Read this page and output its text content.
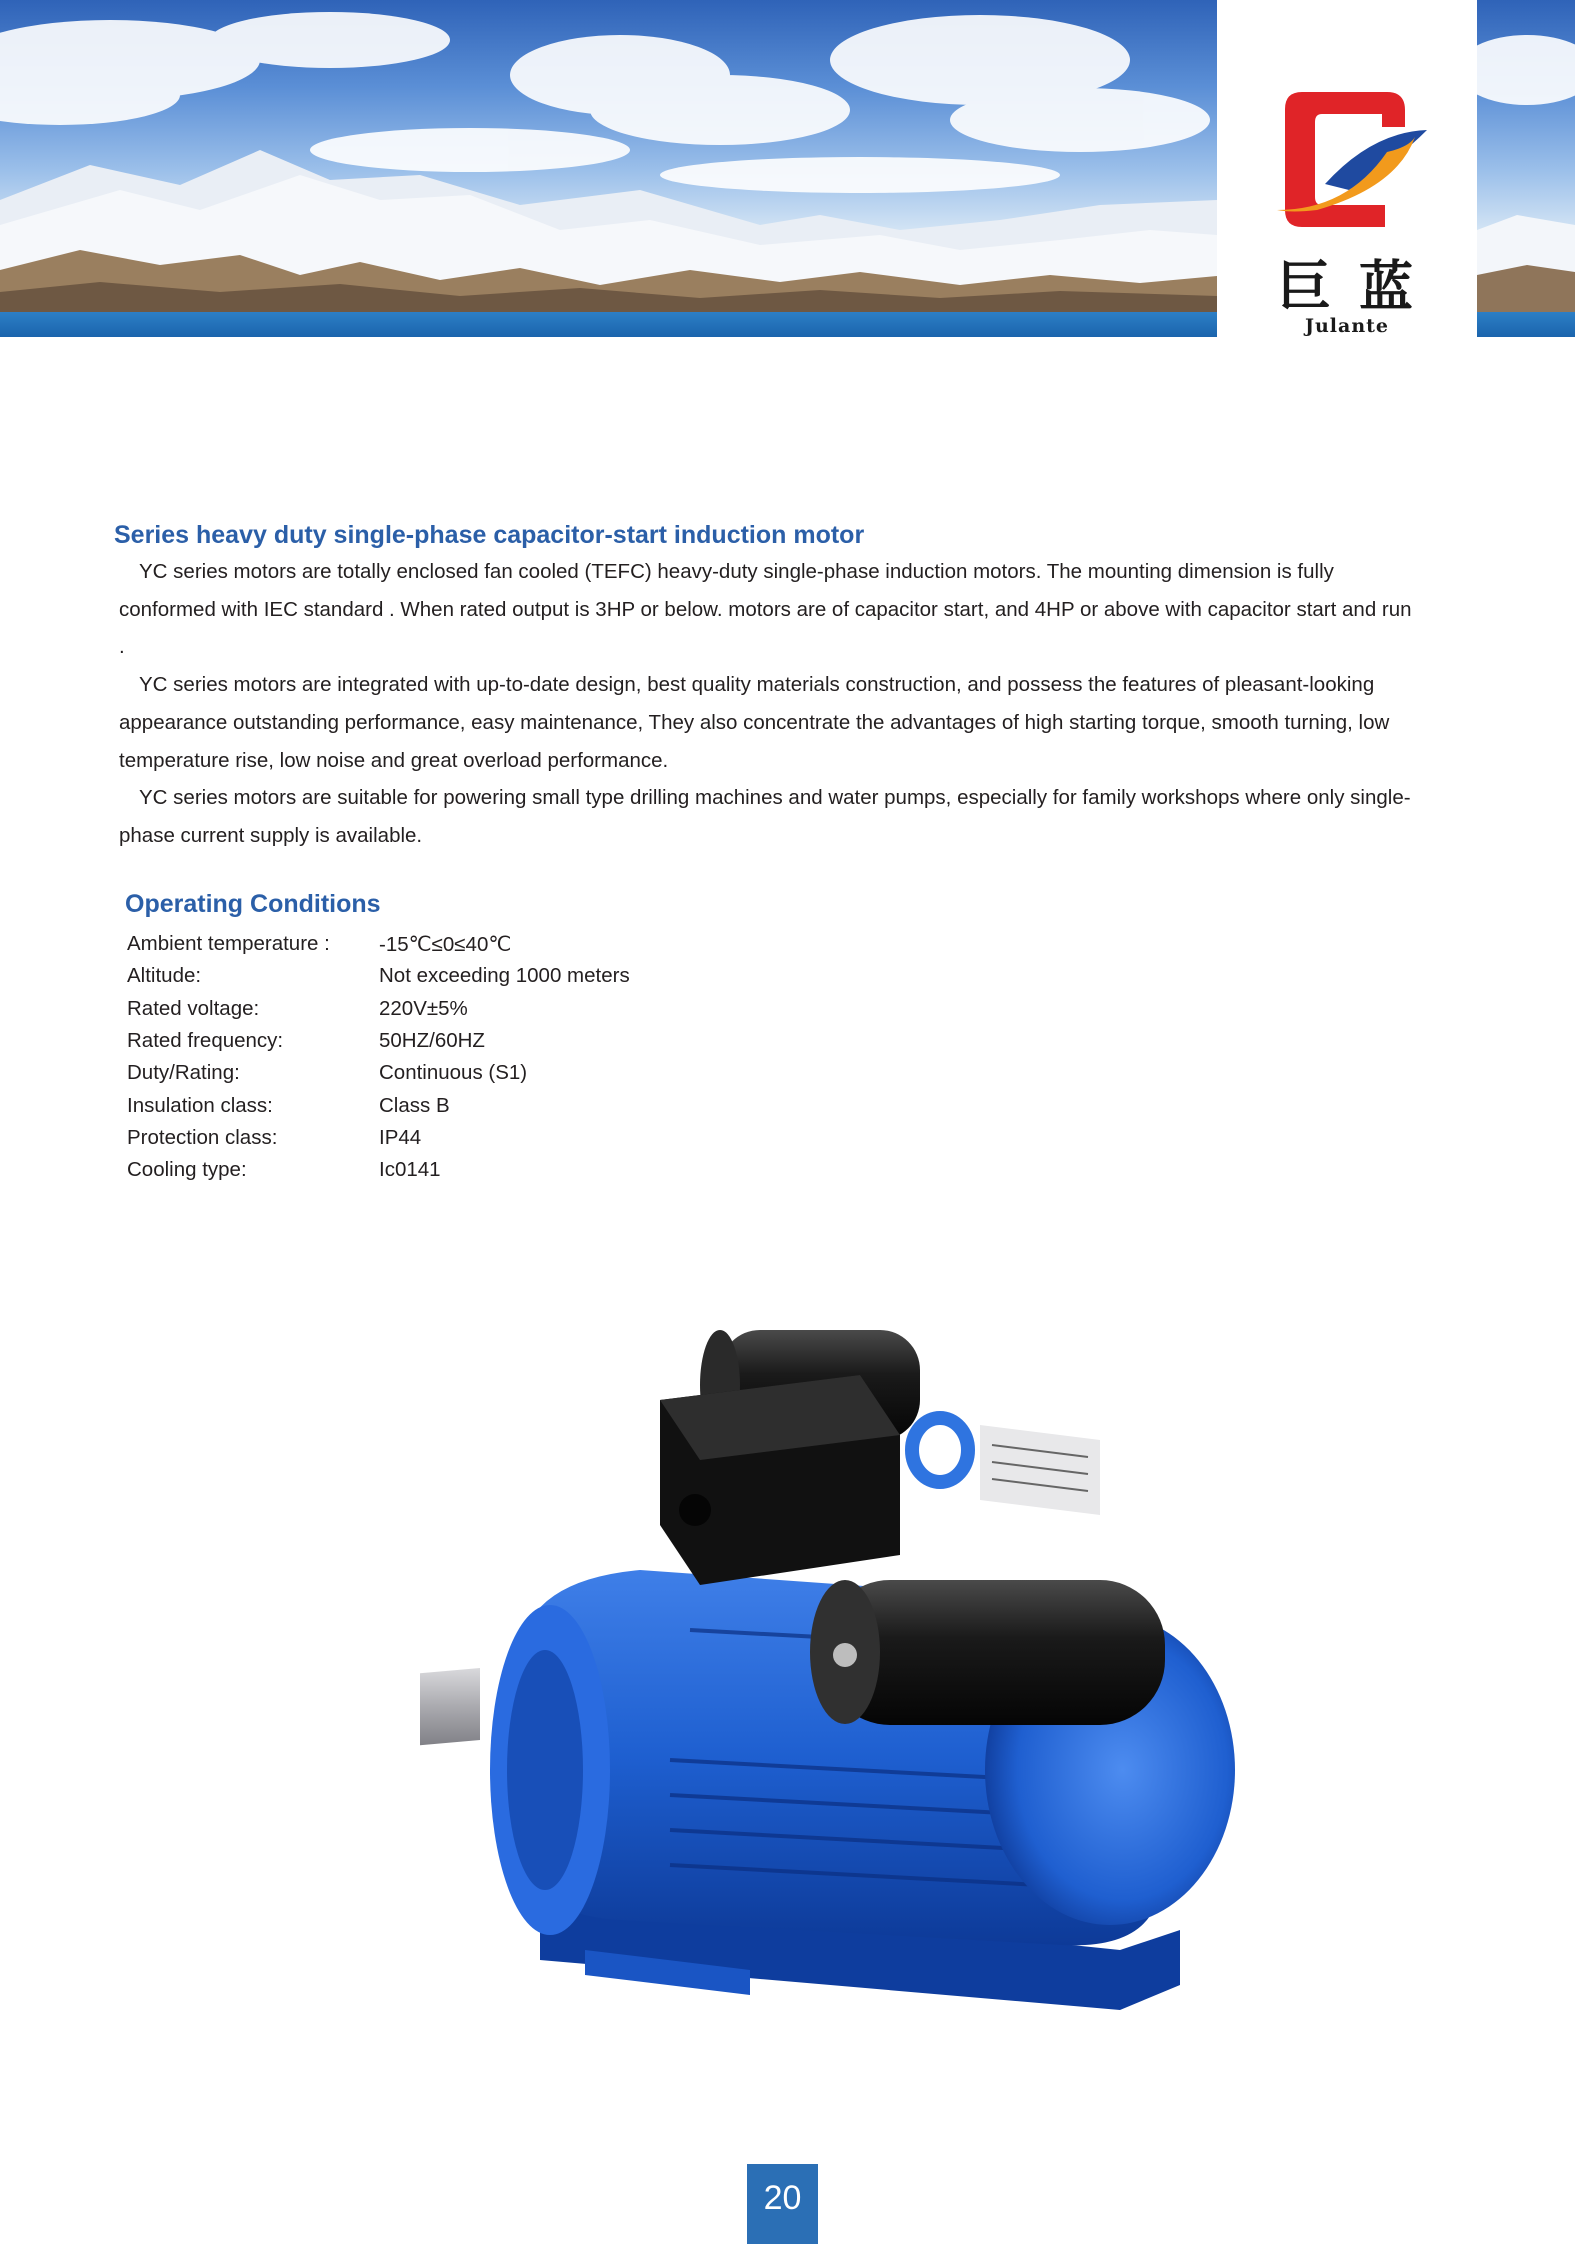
巨蓝
Julante
Series heavy duty single-phase capacitor-start induction motor

YC series motors are totally enclosed fan cooled (TEFC) heavy-duty single-phase induction motors. The mounting dimension is fully conformed with IEC standard . When rated output is 3HP or below. motors are of capacitor start, and 4HP or above with capacitor start and run .

YC series motors are integrated with up-to-date design, best quality materials construction, and possess the features of pleasant-looking appearance outstanding performance, easy maintenance, They also concentrate the advantages of high starting torque, smooth turning, low temperature rise, low noise and great overload performance.

YC series motors are suitable for powering small type drilling machines and water pumps, especially for family workshops where only single-phase current supply is available.

Operating Conditions
Ambient temperature :	-15℃≤0≤40℃
Altitude:	Not exceeding 1000 meters
Rated voltage:	220V±5%
Rated frequency:	50HZ/60HZ
Duty/Rating:	Continuous (S1)
Insulation class:	Class B
Protection class:	IP44
Cooling type:	Ic0141
20
